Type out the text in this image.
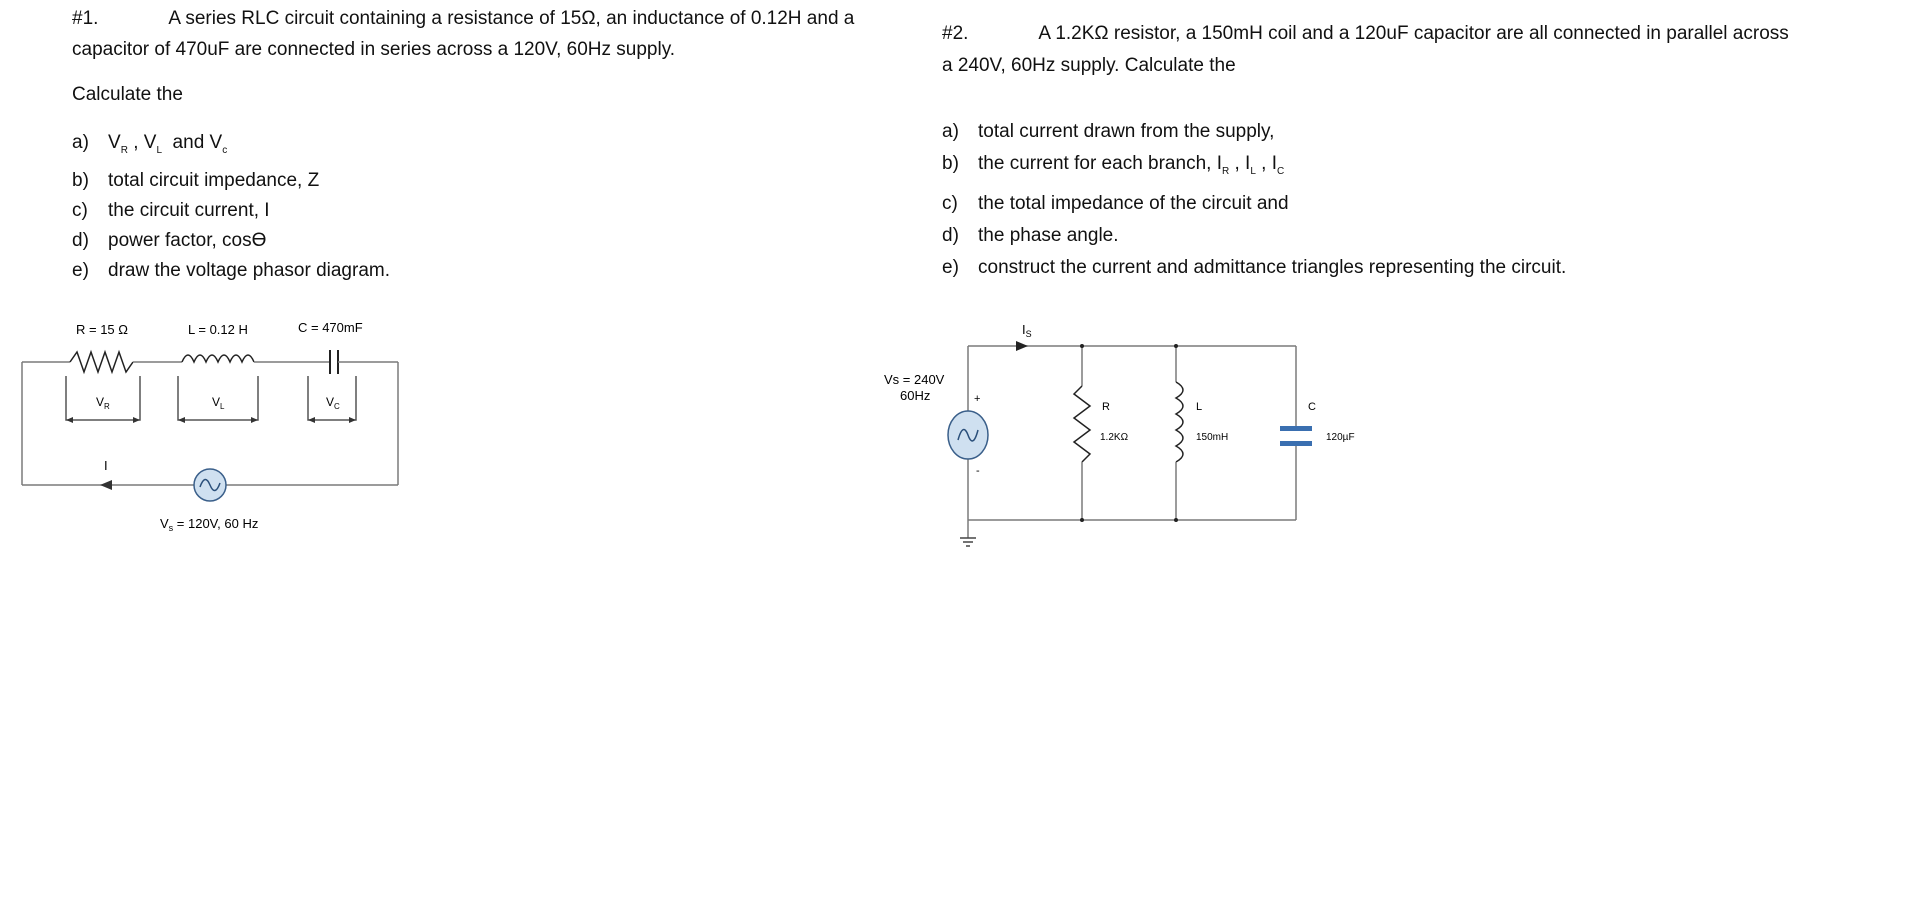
#1.	A series RLC circuit containing a resistance of 15Ω, an inductance of 0.12H and a
capacitor of 470uF are connected in series across a 120V, 60Hz supply.
Calculate the
a)	$V_R$ , $V_L$  and $V_c$
b)	total circuit impedance, Z
c)	the circuit current, I
d)	power factor, cosϴ
e)	draw the voltage phasor diagram.
#2.	A 1.2KΩ resistor, a 150mH coil and a 120uF capacitor are all connected in parallel across
a 240V, 60Hz supply. Calculate the
a)	total current drawn from the supply,
b)	the current for each branch, $I_R$ , $I_L$ , $I_C$
c)	the total impedance of the circuit and
d)	the phase angle.
e)	construct the current and admittance triangles representing the circuit.
R = 15 Ω	L = 0.12 H	C = 470mF
$V_R$	$V_L$	$V_C$
I
$V_s = 120V$, 60 Hz
$I_S$
Vs = 240V
60Hz	+
-
R
1.2KΩ
L
150mH
C
120µF
